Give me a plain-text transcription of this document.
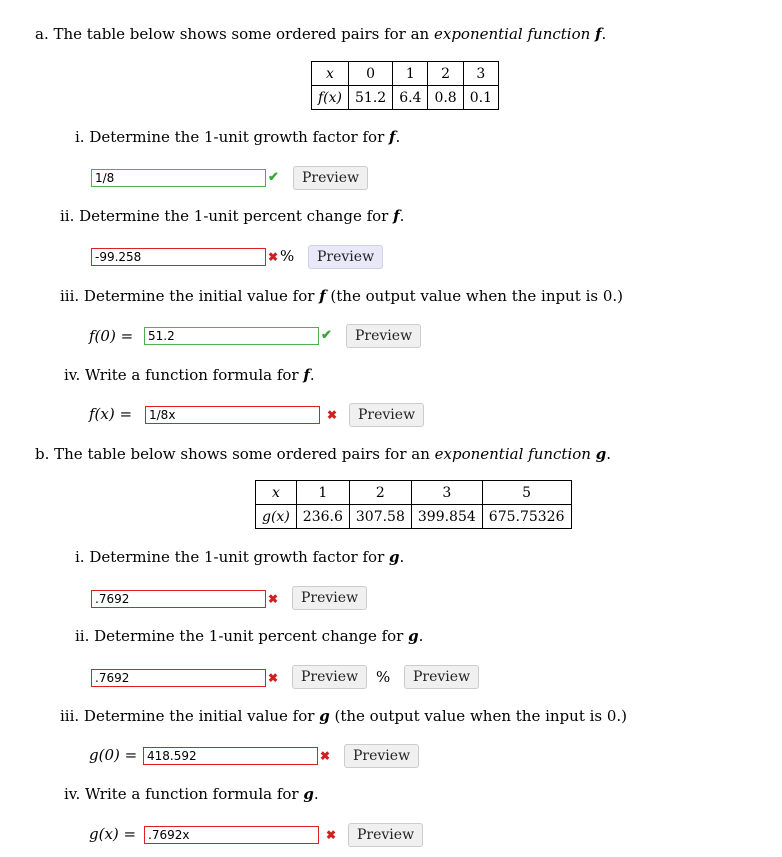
a. The table below shows some ordered pairs for an exponential function f.
x	0	1	2	3
f(x)	51.2	6.4	0.8	0.1
i. Determine the 1-unit growth factor for f.
1/8	✔	Preview
ii. Determine the 1-unit percent change for f.
-99.258	✖ %	Preview
iii. Determine the initial value for f (the output value when the input is 0.)
f(0) =	51.2	✔	Preview
iv. Write a function formula for f.
f(x) =	1/8x	✖	Preview
b. The table below shows some ordered pairs for an exponential function g.
x	1	2	3	5
g(x)	236.6	307.58	399.854	675.75326
i. Determine the 1-unit growth factor for g.
.7692	✖	Preview
ii. Determine the 1-unit percent change for g.
.7692	✖	Preview	%	Preview
iii. Determine the initial value for g (the output value when the input is 0.)
g(0) = 418.592	✖	Preview
iv. Write a function formula for g.
g(x) = .7692x	✖	Preview
